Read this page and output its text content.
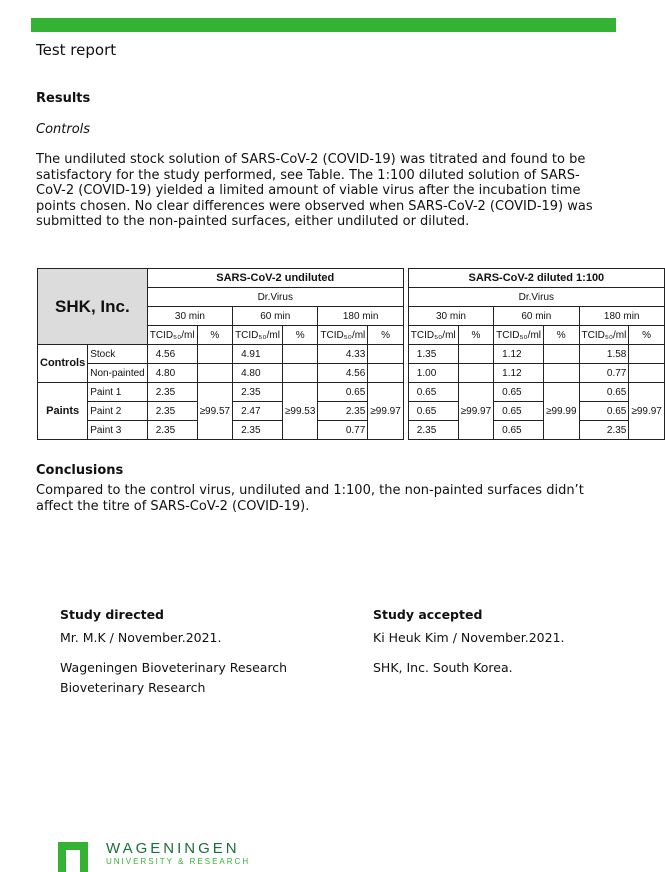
Test report
Results
Controls
The undiluted stock solution of SARS-CoV-2 (COVID-19) was titrated and found to be
satisfactory for the study performed, see Table. The 1:100 diluted solution of SARS-
CoV-2 (COVID-19) yielded a limited amount of viable virus after the incubation time
points chosen. No clear differences were observed when SARS-CoV-2 (COVID-19) was
submitted to the non-painted surfaces, either undiluted or diluted.
SHK, Inc.		SARS-CoV-2 undiluted							SARS-CoV-2 diluted 1:100					
		Dr.Virus							Dr.Virus					
		30 min		60 min		180 min			30 min		60 min		180 min	
		TCID₅₀/ml	%	TCID₅₀/ml	%	TCID₅₀/ml	%		TCID₅₀/ml	%	TCID₅₀/ml	%	TCID₅₀/ml	%
Controls	Stock	4.56		4.91		4.33			1.35		1.12		1.58	
	Non-painted	4.80		4.80		4.56			1.00		1.12		0.77	
Paints	Paint 1	2.35		2.35		0.65			0.65		0.65		0.65	
	Paint 2	2.35	≥99.57	2.47	≥99.53	2.35	≥99.97		0.65	≥99.97	0.65	≥99.99	0.65	≥99.97
	Paint 3	2.35		2.35		0.77			2.35		0.65		2.35	
Conclusions
Compared to the control virus, undiluted and 1:100, the non-painted surfaces didn’t
affect the titre of SARS-CoV-2 (COVID-19).
Study directed
Mr. M.K / November.2021.
Wageningen Bioveterinary Research
Bioveterinary Research
Study accepted
Ki Heuk Kim / November.2021.
SHK, Inc. South Korea.
WAGENINGEN
UNIVERSITY & RESEARCH
